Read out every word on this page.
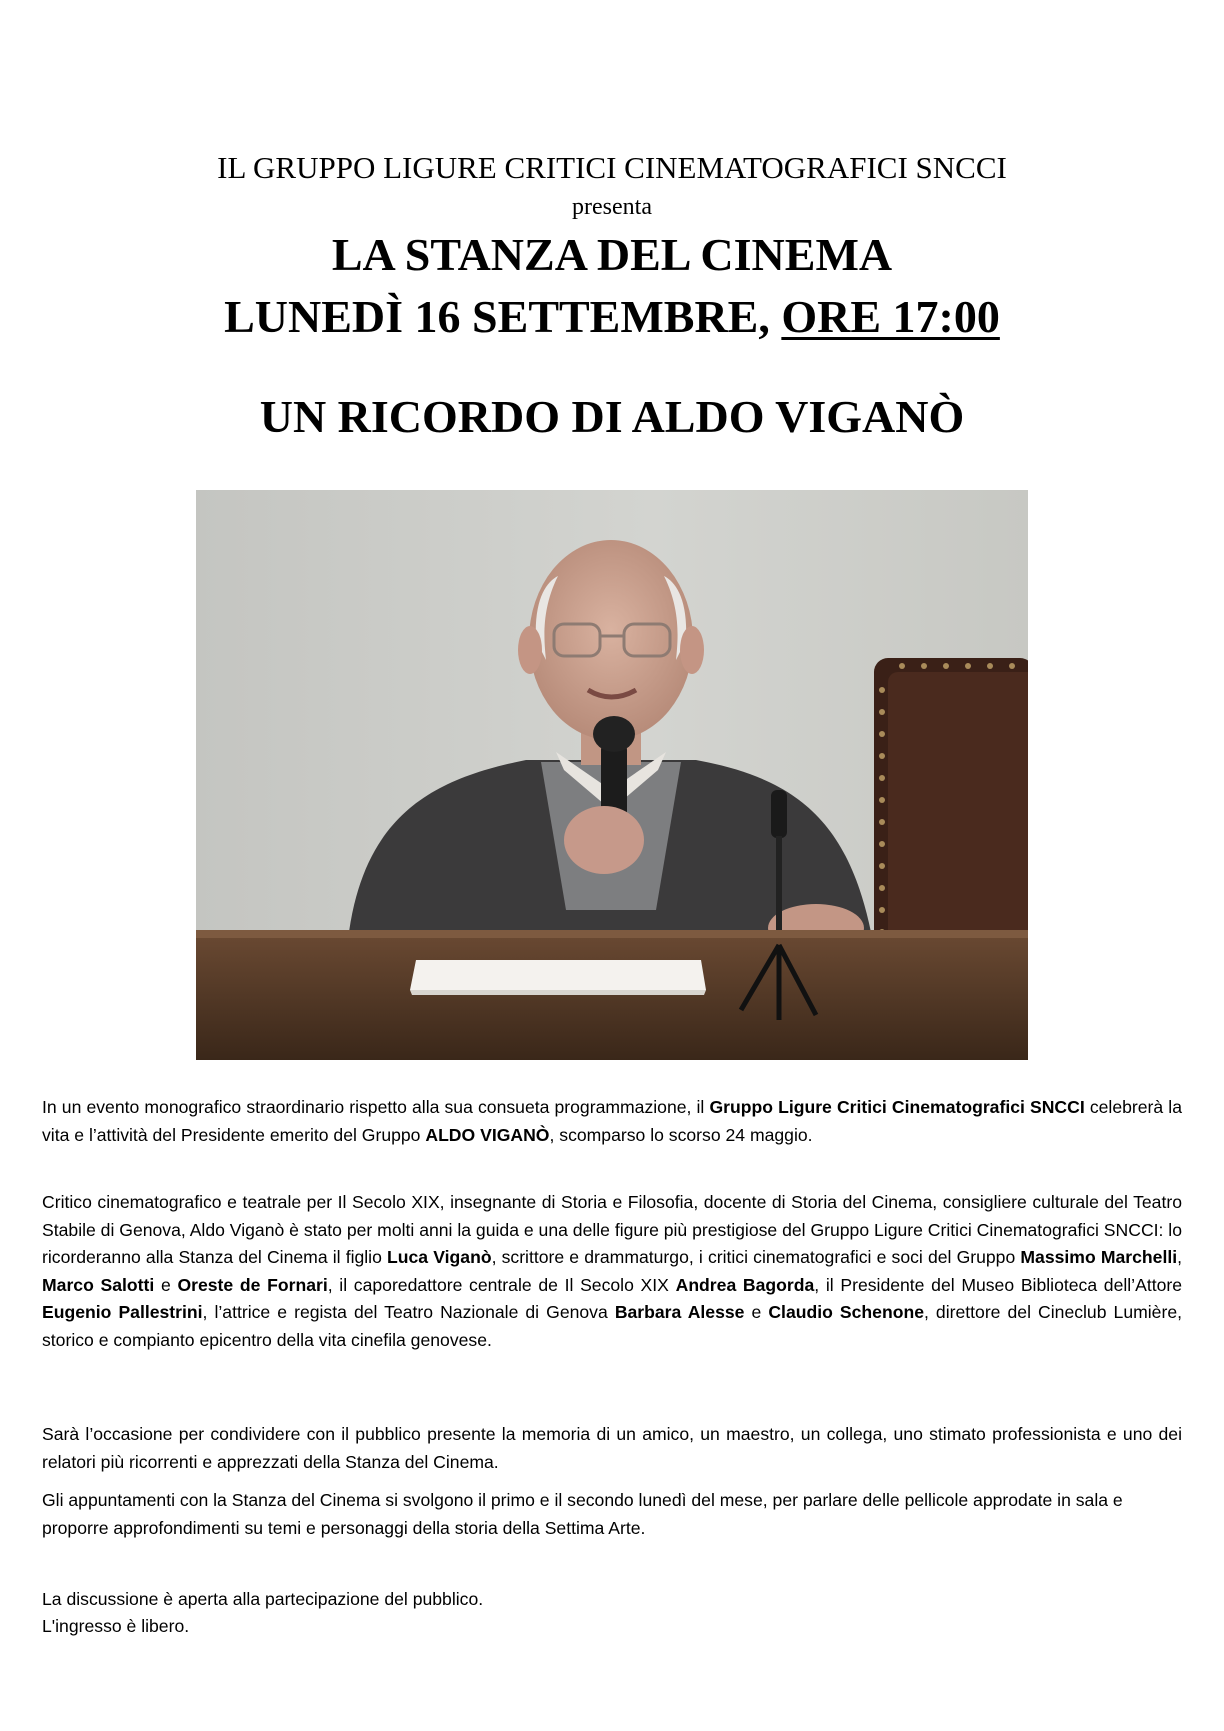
IL GRUPPO LIGURE CRITICI CINEMATOGRAFICI SNCCI
presenta
LA STANZA DEL CINEMA
LUNEDÌ 16 SETTEMBRE, ORE 17:00
UN RICORDO DI ALDO VIGANÒ
In un evento monografico straordinario rispetto alla sua consueta programmazione, il Gruppo Ligure Critici Cinematografici SNCCI celebrerà la vita e l’attività del Presidente emerito del Gruppo ALDO VIGANÒ, scomparso lo scorso 24 maggio.
Critico cinematografico e teatrale per Il Secolo XIX, insegnante di Storia e Filosofia, docente di Storia del Cinema, consigliere culturale del Teatro Stabile di Genova, Aldo Viganò è stato per molti anni la guida e una delle figure più prestigiose del Gruppo Ligure Critici Cinematografici SNCCI: lo ricorderanno alla Stanza del Cinema il figlio Luca Viganò, scrittore e drammaturgo, i critici cinematografici e soci del Gruppo Massimo Marchelli, Marco Salotti e Oreste de Fornari, il caporedattore centrale de Il Secolo XIX Andrea Bagorda, il Presidente del Museo Biblioteca dell’Attore Eugenio Pallestrini, l’attrice e regista del Teatro Nazionale di Genova Barbara Alesse e Claudio Schenone, direttore del Cineclub Lumière, storico e compianto epicentro della vita cinefila genovese.
Sarà l’occasione per condividere con il pubblico presente la memoria di un amico, un maestro, un collega, uno stimato professionista e uno dei relatori più ricorrenti e apprezzati della Stanza del Cinema.
Gli appuntamenti con la Stanza del Cinema si svolgono il primo e il secondo lunedì del mese, per parlare delle pellicole approdate in sala e proporre approfondimenti su temi e personaggi della storia della Settima Arte.
La discussione è aperta alla partecipazione del pubblico.
L'ingresso è libero.
